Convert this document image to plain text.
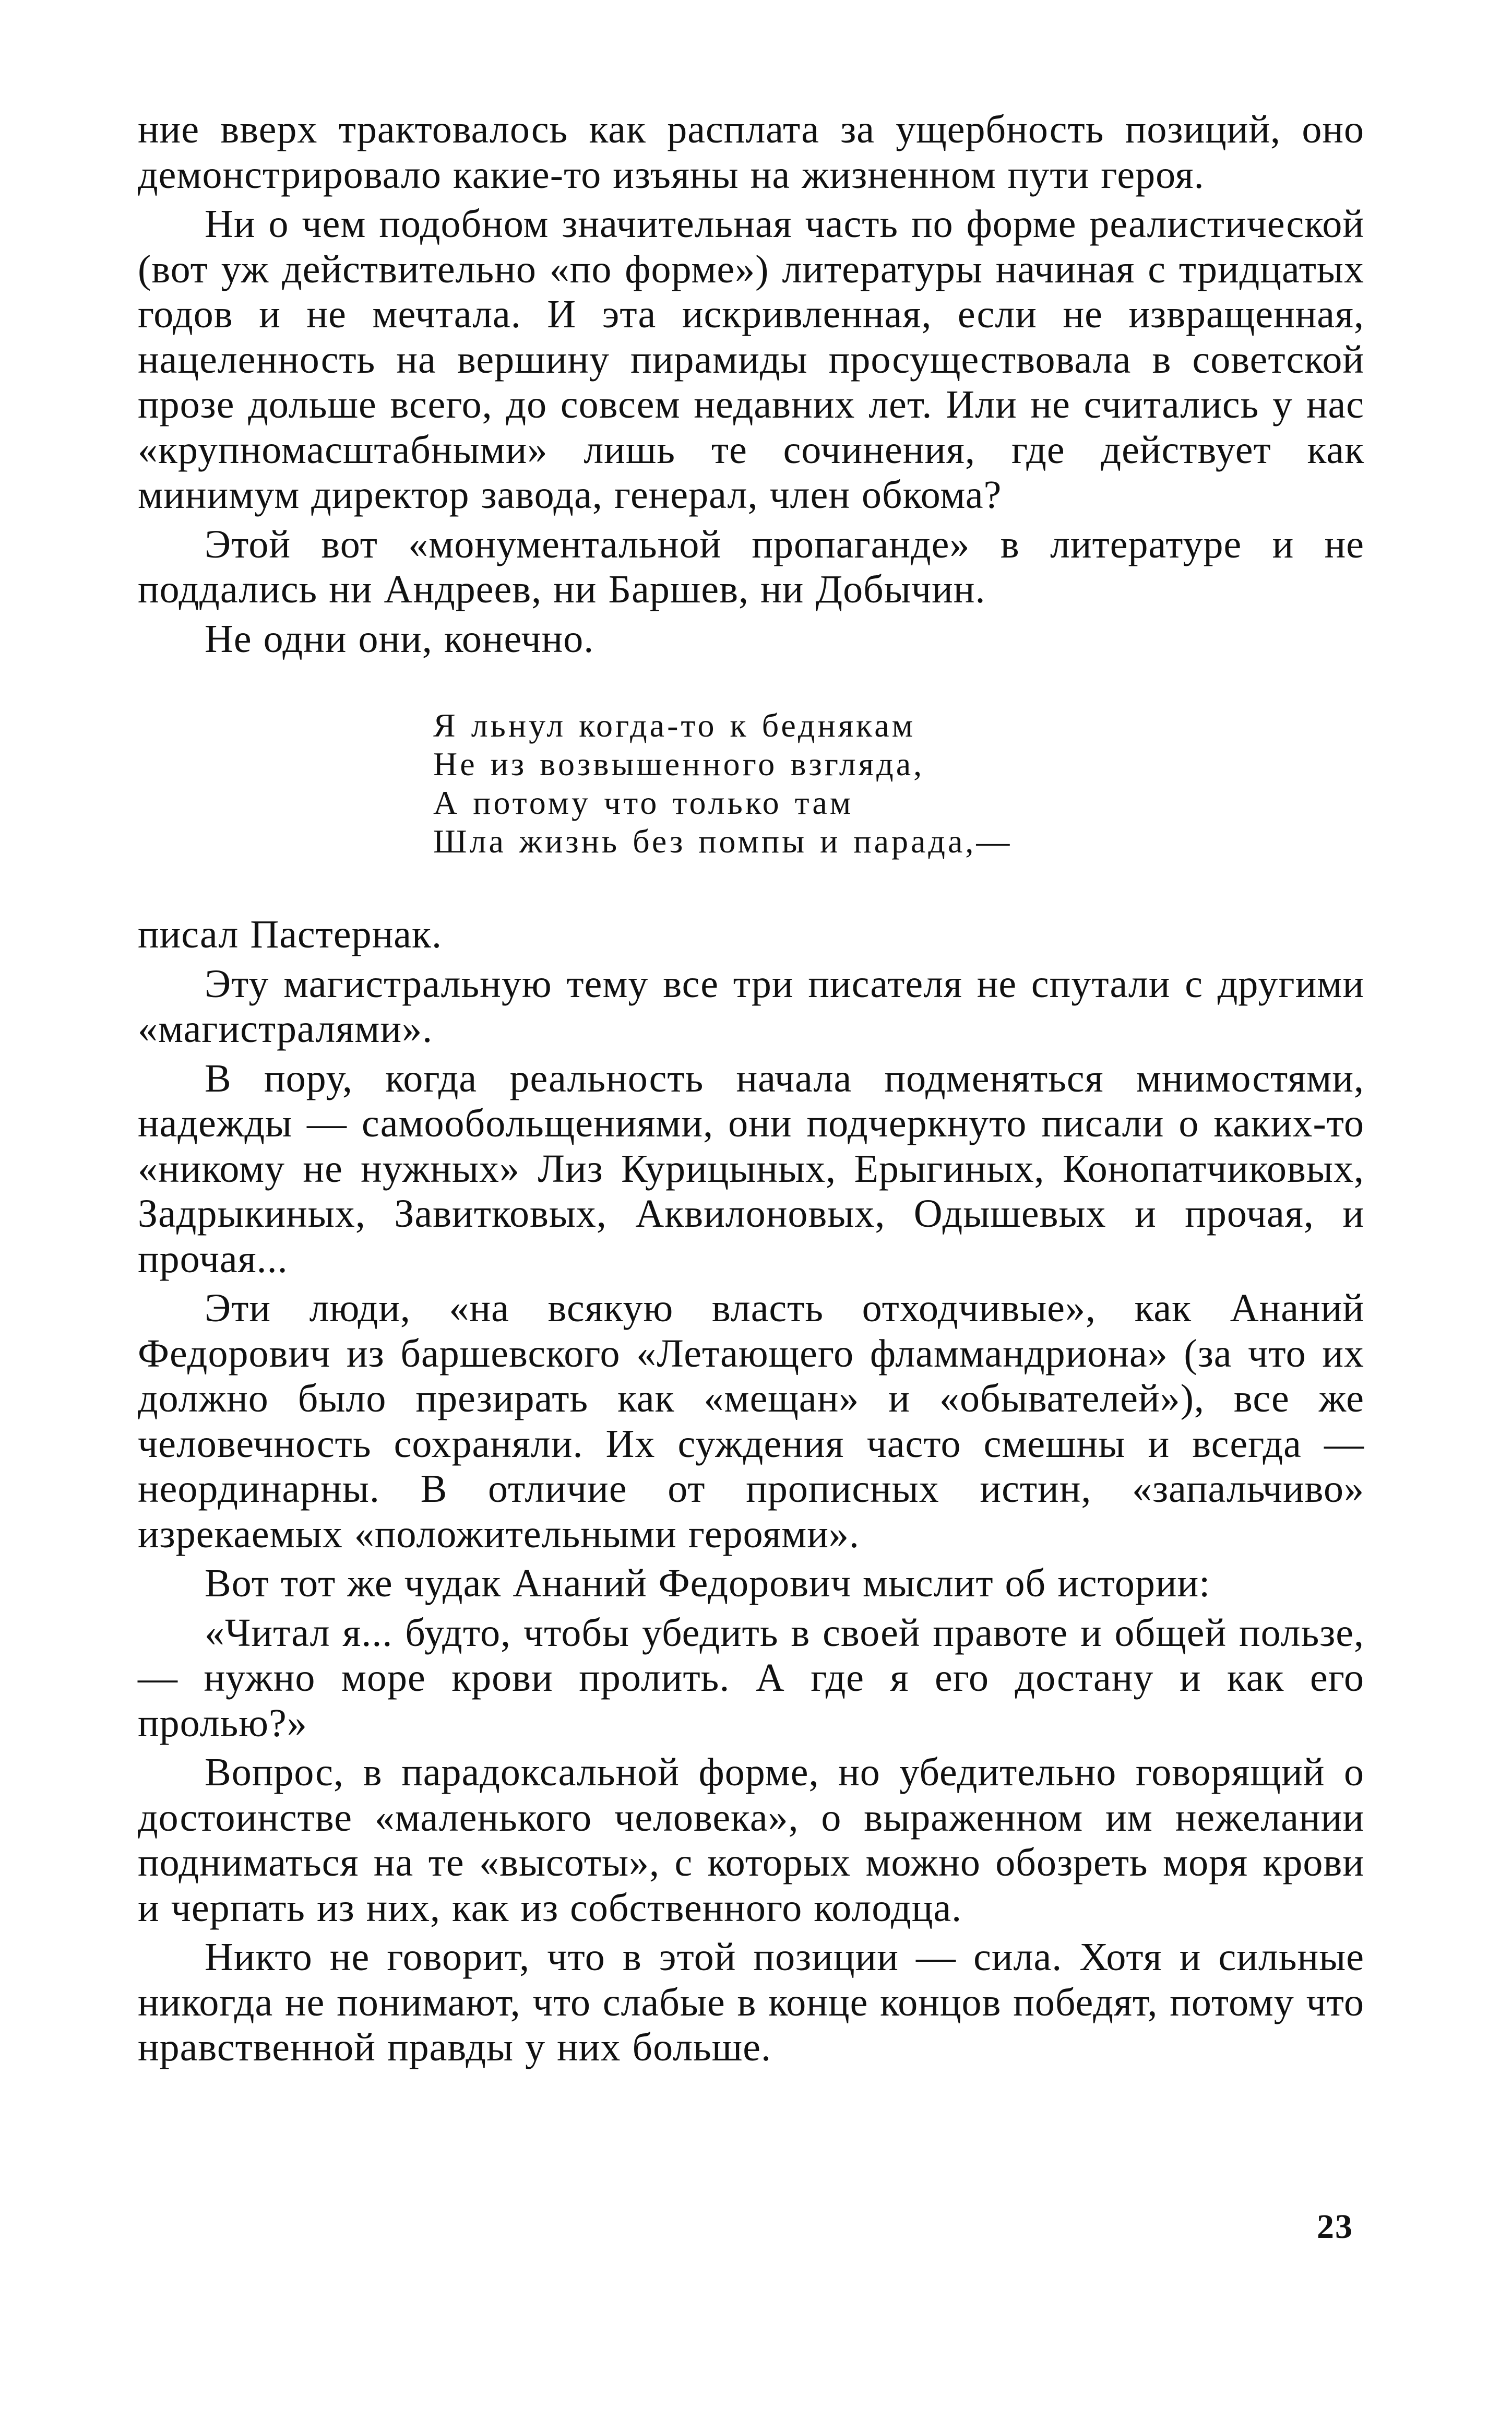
ние вверх трактовалось как расплата за ущербность позиций, оно демонстрировало какие-то изъяны на жизненном пути героя.

Ни о чем подобном значительная часть по форме реалистической (вот уж действительно «по форме») литературы начиная с тридцатых годов и не мечтала. И эта искривленная, если не извращенная, нацеленность на вершину пирамиды просуществовала в советской прозе дольше всего, до совсем недавних лет. Или не считались у нас «крупномасштабными» лишь те сочинения, где действует как минимум директор завода, генерал, член обкома?

Этой вот «монументальной пропаганде» в литературе и не поддались ни Андреев, ни Баршев, ни Добычин.

Не одни они, конечно.

Я льнул когда-то к беднякам
Не из возвышенного взгляда,
А потому что только там
Шла жизнь без помпы и парада,—

писал Пастернак.

Эту магистральную тему все три писателя не спутали с другими «магистралями».

В пору, когда реальность начала подменяться мнимостями, надежды — самообольщениями, они подчеркнуто писали о каких-то «никому не нужных» Лиз Курицыных, Ерыгиных, Конопатчиковых, Задрыкиных, Завитковых, Аквилоновых, Одышевых и прочая, и прочая...

Эти люди, «на всякую власть отходчивые», как Ананий Федорович из баршевского «Летающего фламмандриона» (за что их должно было презирать как «мещан» и «обывателей»), все же человечность сохраняли. Их суждения часто смешны и всегда — неординарны. В отличие от прописных истин, «запальчиво» изрекаемых «положительными героями».

Вот тот же чудак Ананий Федорович мыслит об истории:

«Читал я... будто, чтобы убедить в своей правоте и общей пользе,— нужно море крови пролить. А где я его достану и как его пролью?»

Вопрос, в парадоксальной форме, но убедительно говорящий о достоинстве «маленького человека», о выраженном им нежелании подниматься на те «высоты», с которых можно обозреть моря крови и черпать из них, как из собственного колодца.

Никто не говорит, что в этой позиции — сила. Хотя и сильные никогда не понимают, что слабые в конце концов победят, потому что нравственной правды у них больше.

23
